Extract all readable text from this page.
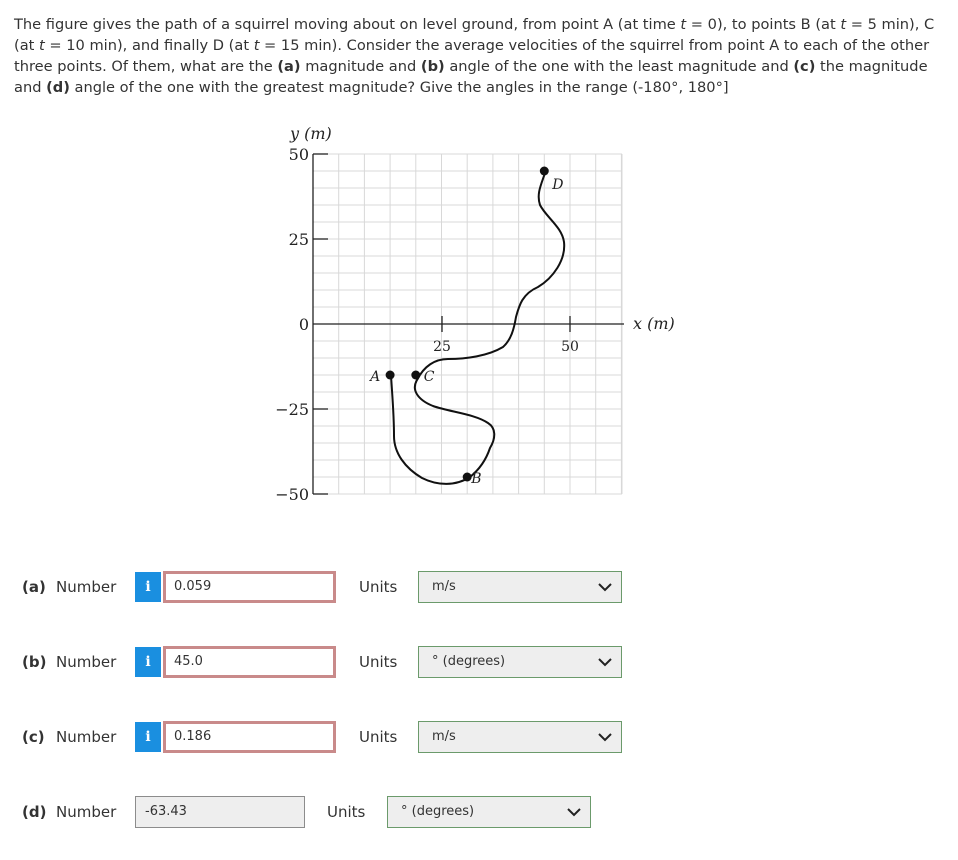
The figure gives the path of a squirrel moving about on level ground, from point A (at time t = 0), to points B (at t = 5 min), C (at t = 10 min), and finally D (at t = 15 min). Consider the average velocities of the squirrel from point A to each of the other three points. Of them, what are the (a) magnitude and (b) angle of the one with the least magnitude and (c) the magnitude and (d) angle of the one with the greatest magnitude? Give the angles in the range (-180°, 180°]
y (m)
x (m)
50
25
0
−25
−50
25	50
A
B
C
D
(a) Number	i	0.059	Units	m/s
(b) Number	i	45.0	Units	° (degrees)
(c) Number	i	0.186	Units	m/s
(d) Number	-63.43	Units	° (degrees)
